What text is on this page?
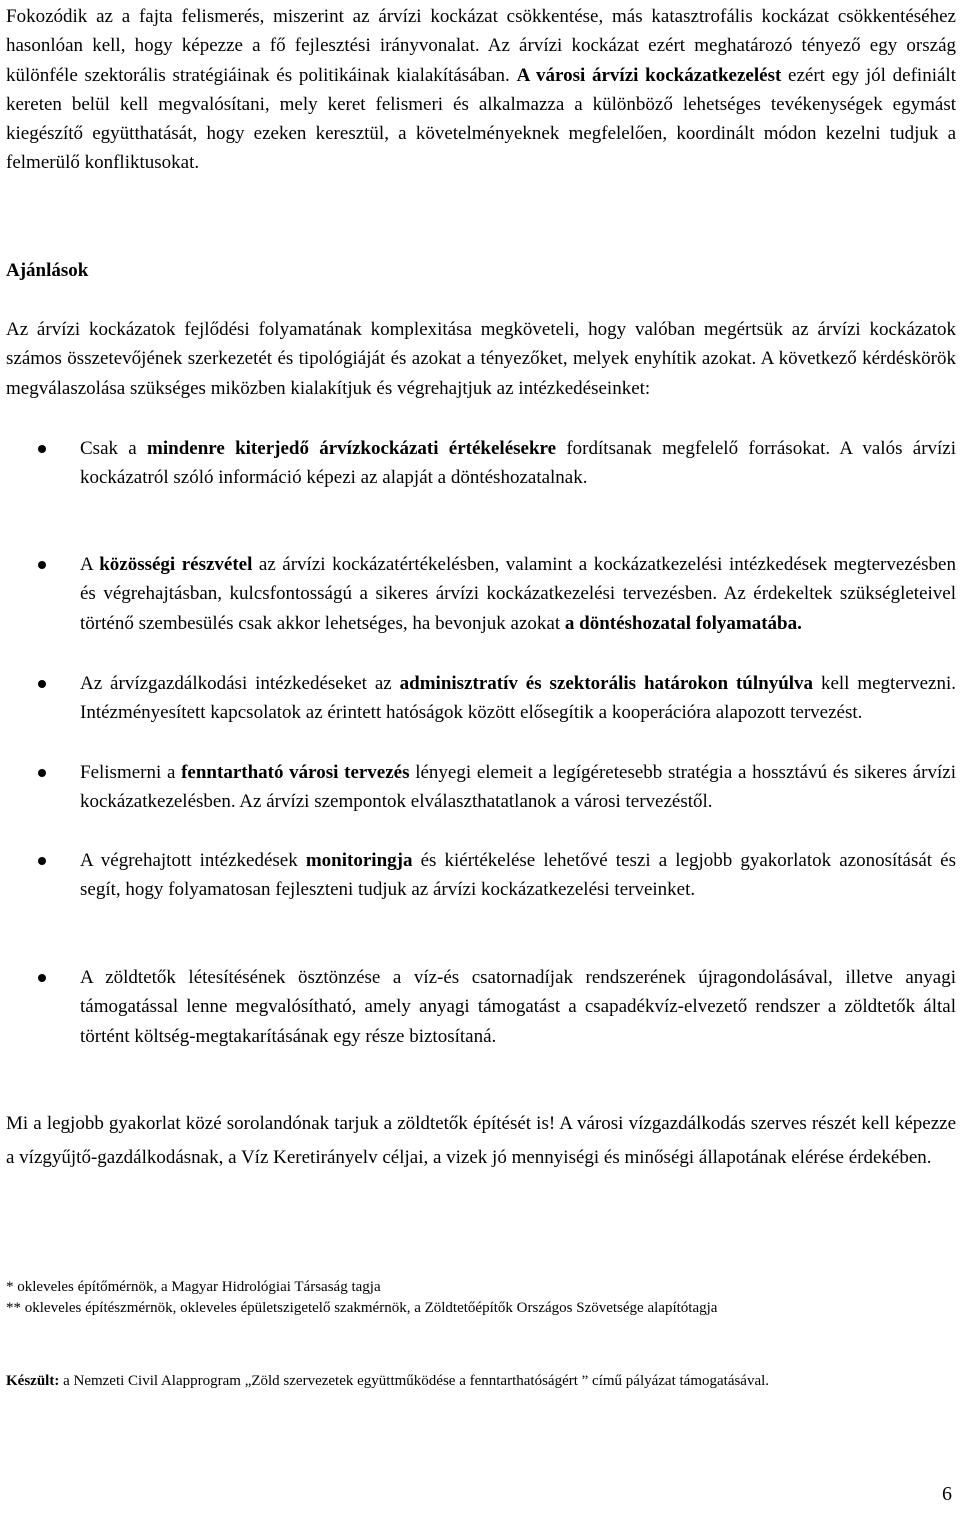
Fokozódik az a fajta felismerés, miszerint az árvízi kockázat csökkentése, más katasztrofális kockázat csökkentéséhez hasonlóan kell, hogy képezze a fő fejlesztési irányvonalat. Az árvízi kockázat ezért meghatározó tényező egy ország különféle szektorális stratégiáinak és politikáinak kialakításában. A városi árvízi kockázatkezelést ezért egy jól definiált kereten belül kell megvalósítani, mely keret felismeri és alkalmazza a különböző lehetséges tevékenységek egymást kiegészítő együtthatását, hogy ezeken keresztül, a követelményeknek megfelelően, koordinált módon kezelni tudjuk a felmerülő konfliktusokat.

Ajánlások

Az árvízi kockázatok fejlődési folyamatának komplexitása megköveteli, hogy valóban megértsük az árvízi kockázatok számos összetevőjének szerkezetét és tipológiáját és azokat a tényezőket, melyek enyhítik azokat. A következő kérdéskörök megválaszolása szükséges miközben kialakítjuk és végrehajtjuk az intézkedéseinket:

Csak a mindenre kiterjedő árvízkockázati értékelésekre fordítsanak megfelelő forrásokat. A valós árvízi kockázatról szóló információ képezi az alapját a döntéshozatalnak.
A közösségi részvétel az árvízi kockázatértékelésben, valamint a kockázatkezelési intézkedések megtervezésben és végrehajtásban, kulcsfontosságú a sikeres árvízi kockázatkezelési tervezésben. Az érdekeltek szükségleteivel történő szembesülés csak akkor lehetséges, ha bevonjuk azokat a döntéshozatal folyamatába.
Az árvízgazdálkodási intézkedéseket az adminisztratív és szektorális határokon túlnyúlva kell megtervezni. Intézményesített kapcsolatok az érintett hatóságok között elősegítik a kooperációra alapozott tervezést.
Felismerni a fenntartható városi tervezés lényegi elemeit a legígéretesebb stratégia a hossztávú és sikeres árvízi kockázatkezelésben. Az árvízi szempontok elválaszthatatlanok a városi tervezéstől.
A végrehajtott intézkedések monitoringja és kiértékelése lehetővé teszi a legjobb gyakorlatok azonosítását és segít, hogy folyamatosan fejleszteni tudjuk az árvízi kockázatkezelési terveinket.
A zöldtetők létesítésének ösztönzése a víz-és csatornadíjak rendszerének újragondolásával, illetve anyagi támogatással lenne megvalósítható, amely anyagi támogatást a csapadékvíz-elvezető rendszer a zöldtetők által történt költség-megtakarításának egy része biztosítaná.

Mi a legjobb gyakorlat közé sorolandónak tarjuk a zöldtetők építését is! A városi vízgazdálkodás szerves részét kell képezze a vízgyűjtő-gazdálkodásnak, a Víz Keretirányelv céljai, a vizek jó mennyiségi és minőségi állapotának elérése érdekében.

* okleveles építőmérnök, a Magyar Hidrológiai Társaság tagja
** okleveles építészmérnök, okleveles épületszigetelő szakmérnök, a Zöldtetőépítők Országos Szövetsége alapítótagja

Készült: a Nemzeti Civil Alapprogram „Zöld szervezetek együttműködése a fenntarthatóságért ” című pályázat támogatásával.

6
